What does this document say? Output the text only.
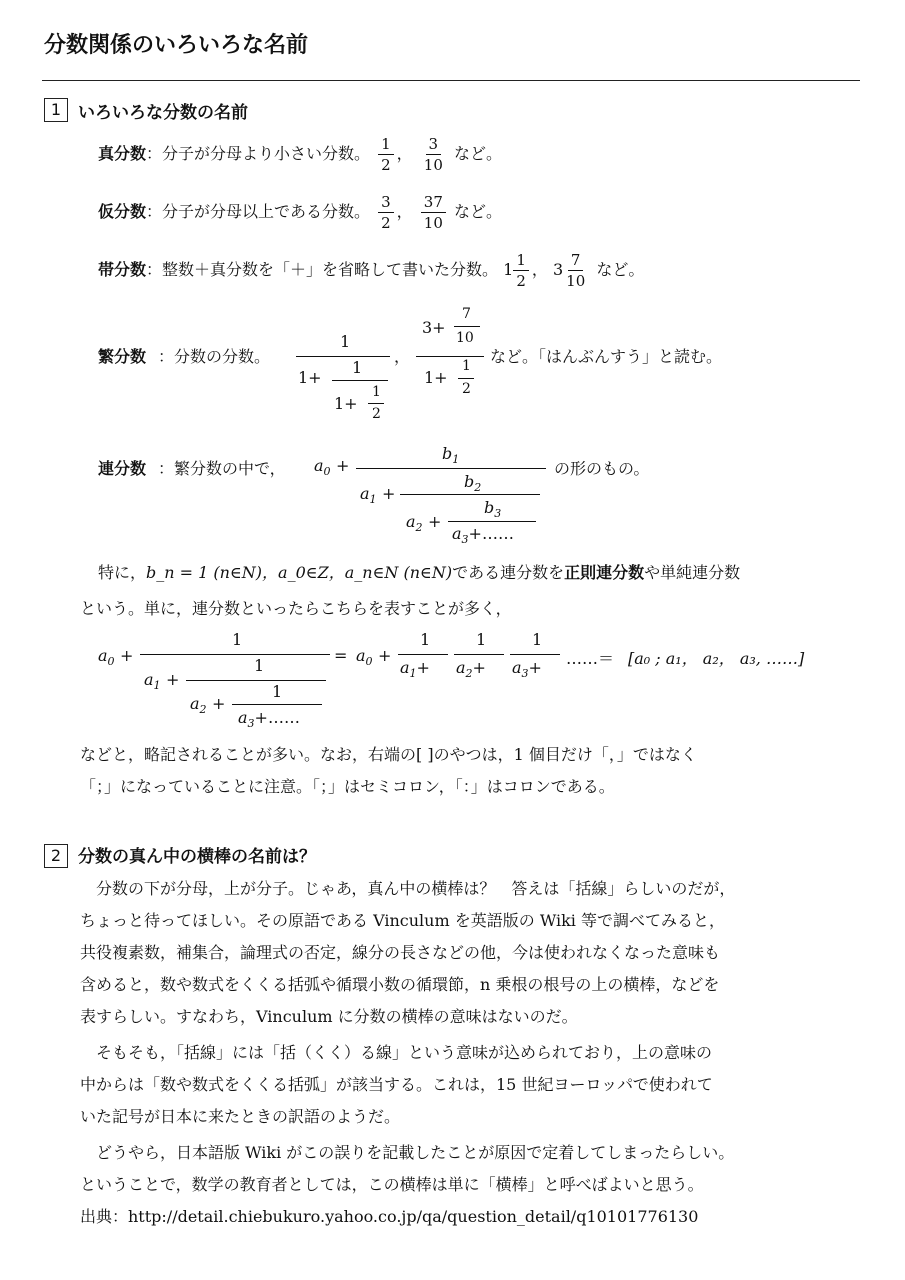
分数関係のいろいろな名前
1 いろいろな分数の名前
真分数：分子が分母より小さい分数。 $\frac{1}{2}$ ， $\frac{3}{10}$ など。
仮分数：分子が分母以上である分数。 $\frac{3}{2}$ ， $\frac{37}{10}$ など。
帯分数：整数＋真分数を「＋」を省略して書いた分数。 $1 \frac{1}{2}$ ， $3 \frac{7}{10}$ など。
繁分数 ：分数の分数。
1
1+
1
1+
1
2
，
3+
7
10
1+
1
2
など。「はんぶんすう」と読む。
連分数 ：繁分数の中で， $a_0$ +
$b_1$
$a_1$ +
$b_2$
$a_2$ +
$b_3$
$a_3+\dots\dots$
の形のもの。
特に，b_n = 1 (n∈N)，a_0∈Z，a_n∈N (n∈N)である連分数を正則連分数や単純連分数
という。単に，連分数といったらこちらを表すことが多く，
$a_0$ +
1
$a_1$ +
1
$a_2$ +
1
$a_3+\dots\dots$
= $a_0$ +
1
$a_1+$
1
$a_2+$
1
$a_3+$ ……＝ [a₀ ; a₁， a₂， a₃, ……]
などと，略記されることが多い。なお，右端の[ ]のやつは，1 個目だけ「，」ではなく
「；」になっていることに注意。「；」はセミコロン，「：」はコロンである。
2 分数の真ん中の横棒の名前は？
　分数の下が分母，上が分子。じゃあ，真ん中の横棒は？　答えは「括線」らしいのだが，
ちょっと待ってほしい。その原語である Vinculum を英語版の Wiki 等で調べてみると，
共役複素数，補集合，論理式の否定，線分の長さなどの他，今は使われなくなった意味も
含めると，数や数式をくくる括弧や循環小数の循環節，n 乗根の根号の上の横棒，などを
表すらしい。すなわち，Vinculum に分数の横棒の意味はないのだ。
　そもそも，「括線」には「括（くく）る線」という意味が込められており，上の意味の
中からは「数や数式をくくる括弧」が該当する。これは，15 世紀ヨーロッパで使われて
いた記号が日本に来たときの訳語のようだ。
　どうやら，日本語版 Wiki がこの誤りを記載したことが原因で定着してしまったらしい。
ということで，数学の教育者としては，この横棒は単に「横棒」と呼べばよいと思う。
出典：http://detail.chiebukuro.yahoo.co.jp/qa/question_detail/q10101776130
